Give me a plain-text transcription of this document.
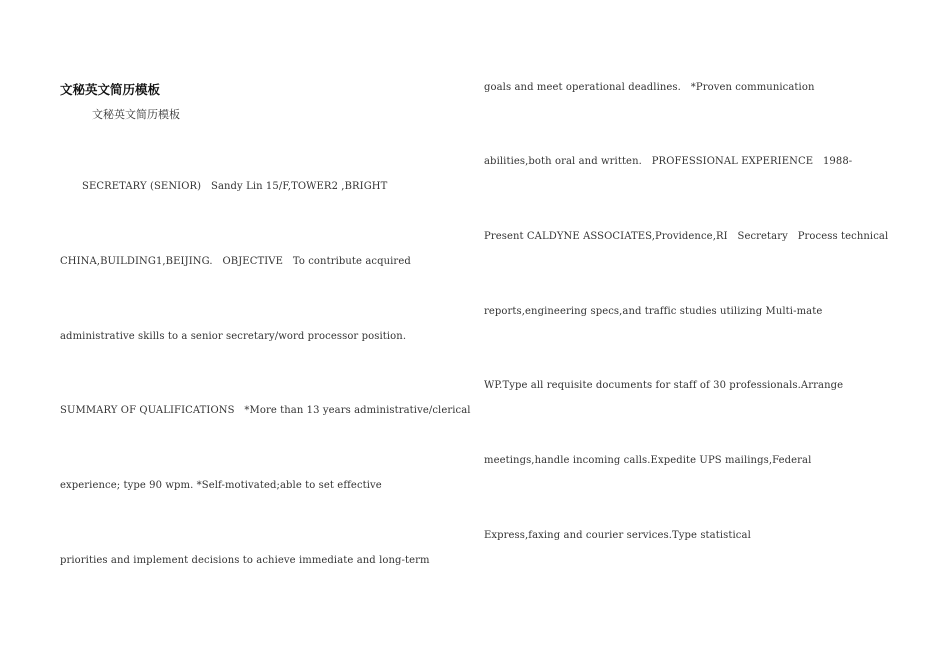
文秘英文简历模板
文秘英文简历模板
SECRETARY (SENIOR)   Sandy Lin 15/F,TOWER2 ,BRIGHT
CHINA,BUILDING1,BEIJING.   OBJECTIVE   To contribute acquired
administrative skills to a senior secretary/word processor position.
SUMMARY OF QUALIFICATIONS   *More than 13 years administrative/clerical
experience; type 90 wpm. *Self-motivated;able to set effective
priorities and implement decisions to achieve immediate and long-term
goals and meet operational deadlines.   *Proven communication
abilities,both oral and written.   PROFESSIONAL EXPERIENCE   1988-
Present CALDYNE ASSOCIATES,Providence,RI   Secretary   Process technical
reports,engineering specs,and traffic studies utilizing Multi-mate
WP.Type all requisite documents for staff of 30 professionals.Arrange
meetings,handle incoming calls.Expedite UPS mailings,Federal
Express,faxing and courier services.Type statistical
